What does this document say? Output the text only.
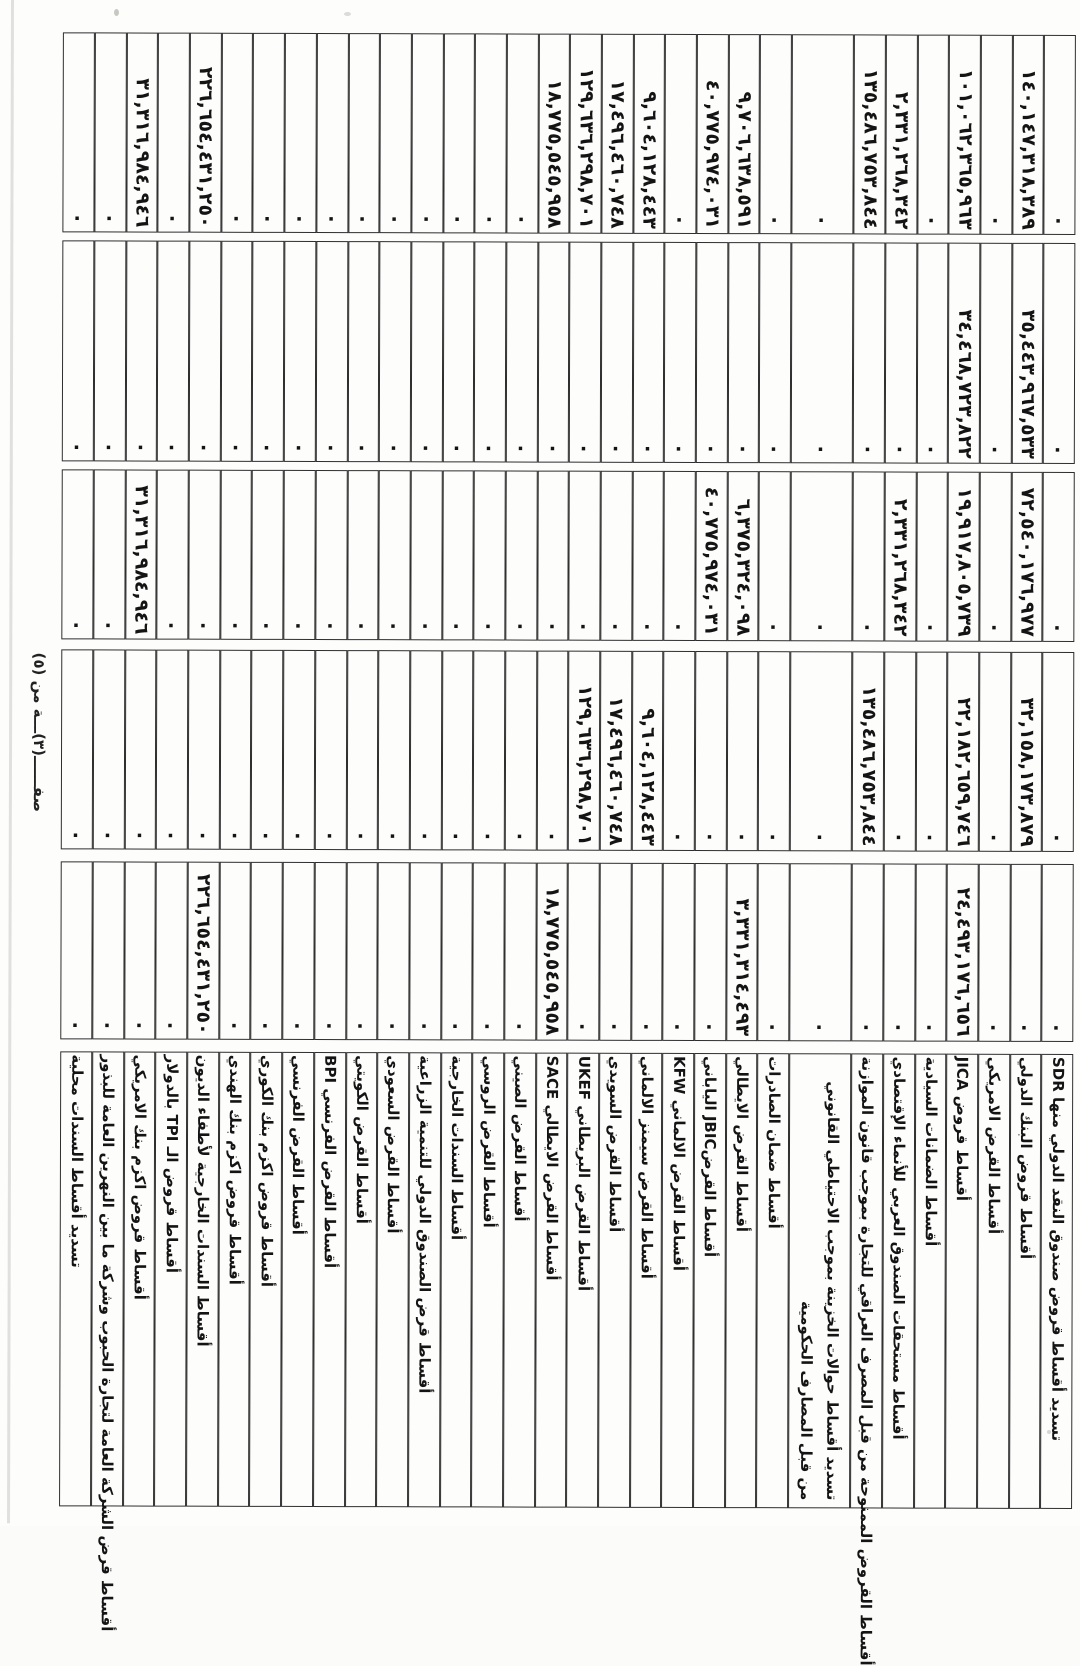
٠
٠
٠
٠
٠
تسديد أقساط قروض صندوق النقد الدولي منها SDR
١٤٠,١٤٧,٣١٨,٣٨٩
٣٥,٤٤٣,٩٦٧,٥٣٣
٧٢,٥٤٠,١٧٦,٩٧٧
٣٢,١٥٨,١٧٣,٨٧٩
٠
أقساط قروض البنك الدولي
٠
٠
٠
٠
٠
أقساط القرض الامريكي
١٠١,٠٦٢,٣٦٥,٩٦٣
٣٤,٤٦٨,٧٢٣,٨٢٢
١٩,٩١٧,٨٠٥,٧٣٩
٢٢,١٨٢,٦٥٩,٧٤٦
٢٤,٤٩٣,١٧٦,٦٥٦
أقساط قروض JICA
٠
٠
٠
٠
٠
أقساط الضمانات السيادية
٢,٣٣١,٢٦٨,٣٤٢
٠
٢,٣٣١,٢٦٨,٣٤٢
٠
٠
أقساط مستحقات الصندوق العربي للأنماء الإقتصادي
١٣٥,٤٨٦,٧٥٣,٨٤٤
٠
٠
١٣٥,٤٨٦,٧٥٣,٨٤٤
٠
أقساط القروض الممنوحة من قبل المصرف العراقي للتجارة بموجب قانون الموازنة
٠
٠
٠
٠
٠
تسديد أقساط حوالات الخزينة بموجب الاحتياطي القانوني من قبل المصارف الحكومية
٠
٠
٠
٠
٠
أقساط ضمان الصادرات
٩,٧٠٦,٦٣٨,٥٩١
٠
٦,٣٧٥,٣٢٤,٠٩٨
٠
٣,٣٣١,٣١٤,٤٩٣
أقساط القرض الايطالي
٤٠,٧٧٥,٩٧٤,٠٣١
٠
٤٠,٧٧٥,٩٧٤,٠٣١
٠
٠
أقساط القرضJBIC الياباني
٠
٠
٠
٠
٠
أقساط القرض الالماني KFW
٩,٦٠٤,١٢٨,٤٤٣
٠
٠
٩,٦٠٤,١٢٨,٤٤٣
٠
أقساط القرض سيمنز الالماني
١٧,٤٩٦,٤٦٠,٧٤٨
٠
٠
١٧,٤٩٦,٤٦٠,٧٤٨
٠
أقساط القرض السويدي
١٢٩,٦٣٦,٢٩٨,٧٠١
٠
٠
١٢٩,٦٣٦,٢٩٨,٧٠١
٠
أقساط القرض البريطاني UKEF
١٨,٧٧٥,٥٤٥,٩٥٨
٠
٠
٠
١٨,٧٧٥,٥٤٥,٩٥٨
أقساط القرض الايطالي SACE
٠
٠
٠
٠
٠
أقساط القرض الصيني
٠
٠
٠
٠
٠
أقساط القرض الروسي
٠
٠
٠
٠
٠
أقساط السندات الخارجية
٠
٠
٠
٠
٠
أقساط قرض الصندوق الدولي للتنمية الزراعية
٠
٠
٠
٠
٠
أقساط القرض السعودي
٠
٠
٠
٠
٠
أقساط القرض الكويتي
٠
٠
٠
٠
٠
أقساط القرض الفرنسي BPI
٠
٠
٠
٠
٠
أقساط القرض الفرنسي
٠
٠
٠
٠
٠
أقساط قروض اكزم بنك الكوري
٠
٠
٠
٠
٠
أقساط قروض اكزم بنك الهندي
٢٢٦,٦٥٤,٤٣١,٢٥٠
٠
٠
٠
٢٢٦,٦٥٤,٤٣١,٢٥٠
أقساط السندات الخارجية لأطفاء الديون
٠
٠
٠
٠
٠
أقساط قروض الـ TPI بالدولار
٣١,٣١٦,٩٨٤,٩٤٦
٠
٣١,٣١٦,٩٨٤,٩٤٦
٠
٠
أقساط قروض اكزم بنك الامريكي
٠
٠
٠
٠
٠
أقساط قرض الشركة العامة لتجارة الحبوب وشركة ما بين النهرين العامة للبذور
٠
٠
٠
٠
٠
تسديد أقساط السندات محلية
صفــــــ(٣)ـــة من (٥)
